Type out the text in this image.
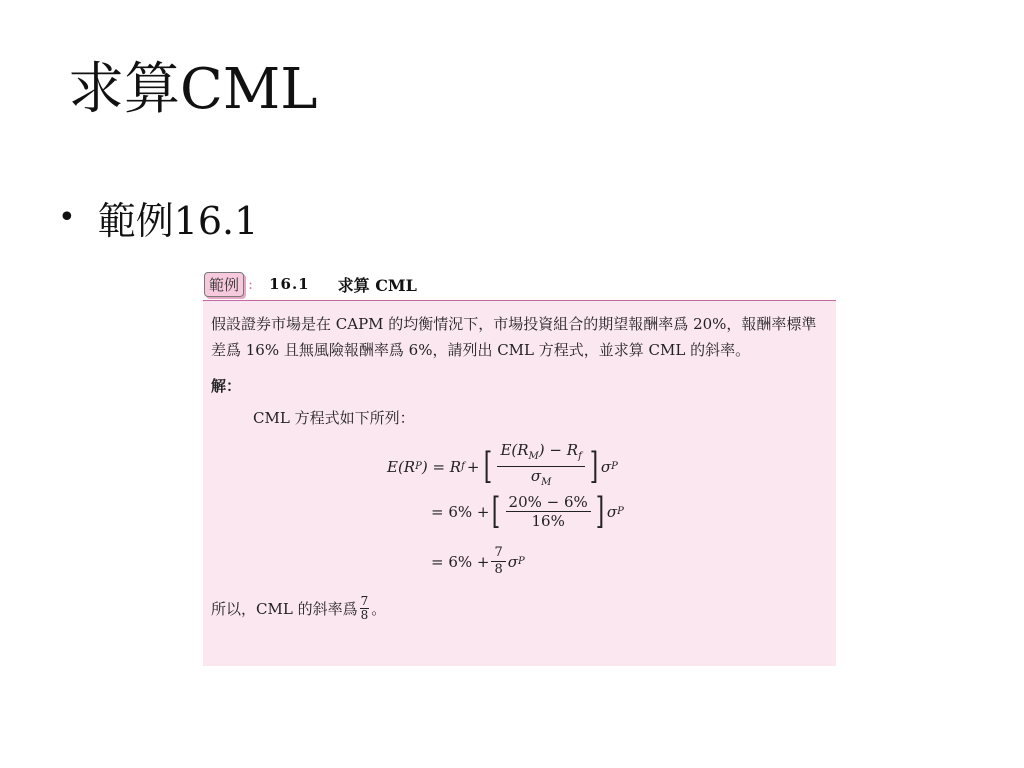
求算CML
• 範例16.1
範例 : 16.1 求算 CML

假設證券市場是在 CAPM 的均衡情況下，市場投資組合的期望報酬率爲 20%，報酬率標準差爲 16% 且無風險報酬率爲 6%，請列出 CML 方程式，並求算 CML 的斜率。

解：
CML 方程式如下所列：
E(R P ) = R f + [ $\frac{E(R_M) - R_f}{\sigma_M}$ ] σ P
= 6% + [ $\frac{20\% - 6\%}{16\%}$ ] σ P
= $6\% + \frac{7}{8}$ σ P
所以，CML 的斜率爲 $\frac{7}{8}$ 。
